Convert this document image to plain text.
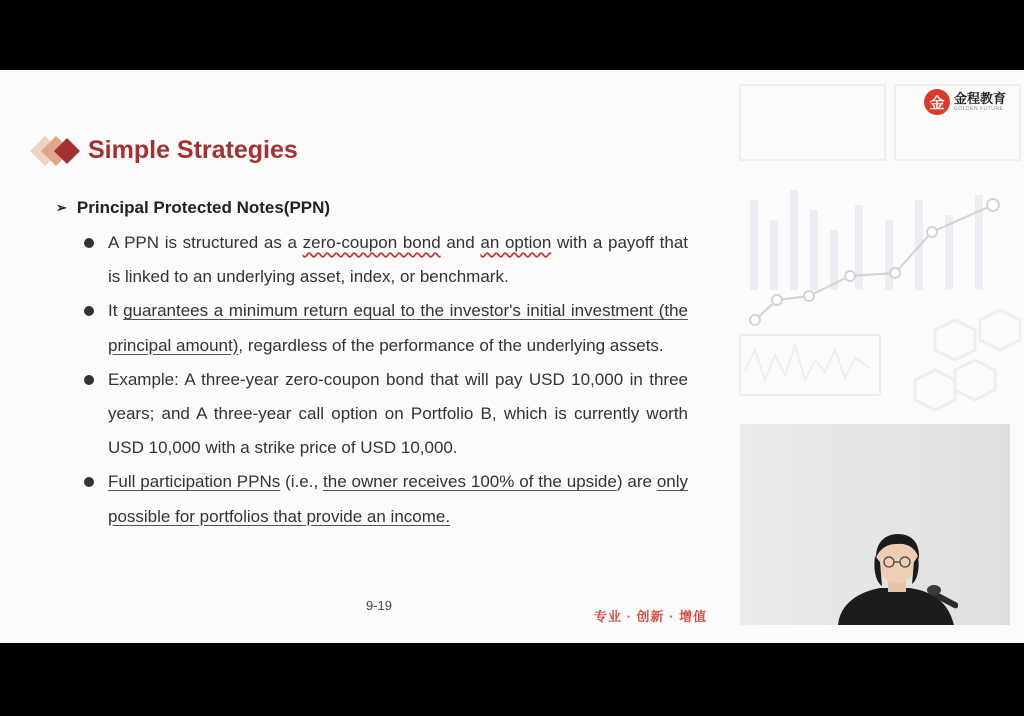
金 金程教育
GOLDEN FUTURE
Simple Strategies
➢ Principal Protected Notes(PPN)
A PPN is structured as a zero-coupon bond and an option with a payoff that is linked to an underlying asset, index, or benchmark.
It guarantees a minimum return equal to the investor's initial investment (the principal amount), regardless of the performance of the underlying assets.
Example: A three-year zero-coupon bond that will pay USD 10,000 in three years; and A three-year call option on Portfolio B, which is currently worth USD 10,000 with a strike price of USD 10,000.
Full participation PPNs (i.e., the owner receives 100% of the upside) are only possible for portfolios that provide an income.
9-19
专业 · 创新 · 增值
